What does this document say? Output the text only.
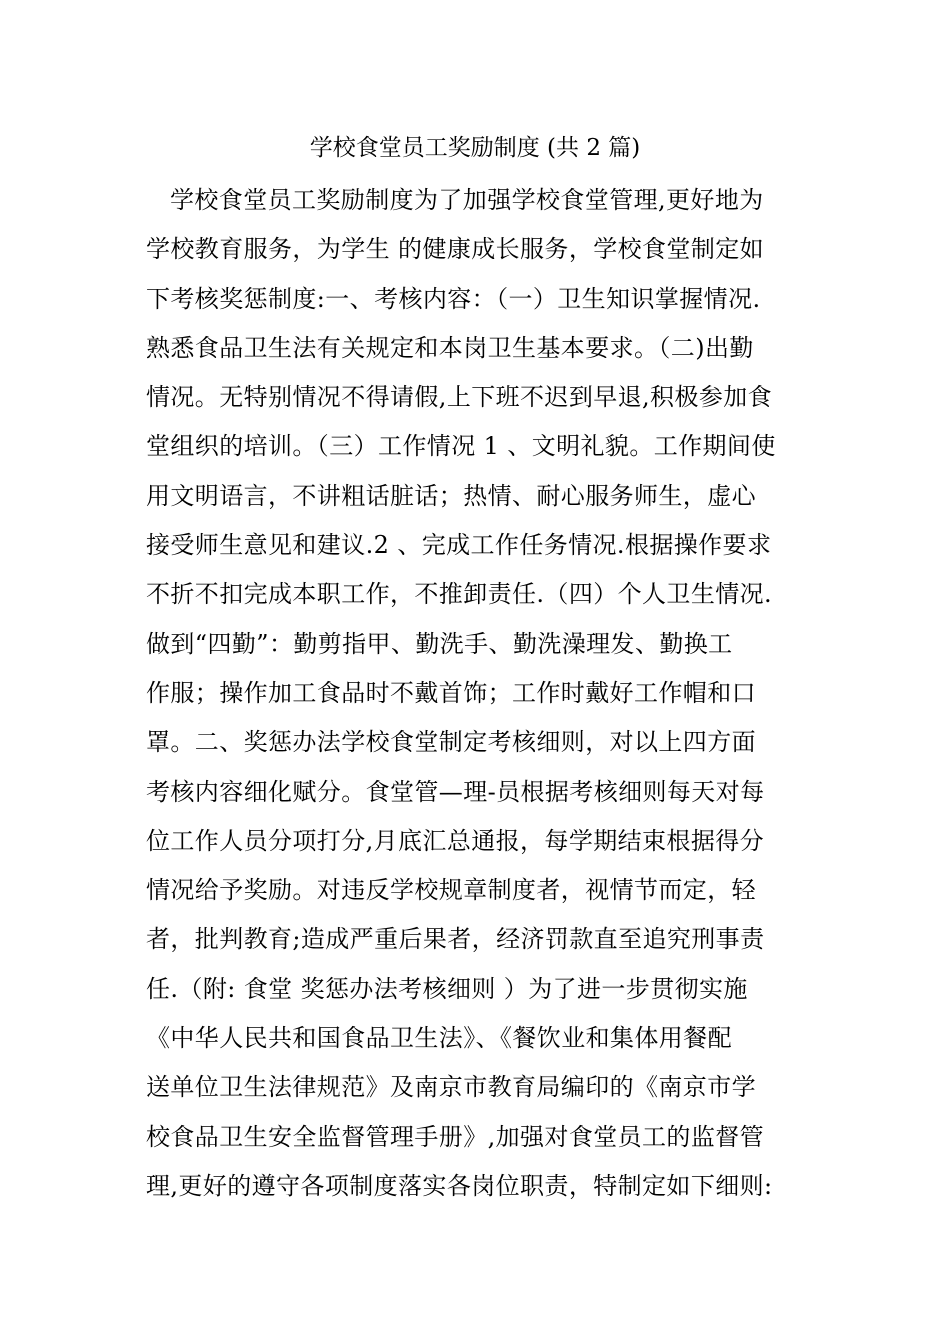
学校食堂员工奖励制度 (共 2 篇)
学校食堂员工奖励制度为了加强学校食堂管理,更好地为
学校教育服务，为学生 的健康成长服务，学校食堂制定如
下考核奖惩制度:一、考核内容：（一）卫生知识掌握情况.
熟悉食品卫生法有关规定和本岗卫生基本要求。（二)出勤
情况。无特别情况不得请假,上下班不迟到早退,积极参加食
堂组织的培训。（三）工作情况 1 、文明礼貌。工作期间使
用文明语言，不讲粗话脏话；热情、耐心服务师生，虚心
接受师生意见和建议.2 、完成工作任务情况.根据操作要求
不折不扣完成本职工作，不推卸责任.（四）个人卫生情况.
做到“四勤”：勤剪指甲、勤洗手、勤洗澡理发、勤换工
作服；操作加工食品时不戴首饰；工作时戴好工作帽和口
罩。二、奖惩办法学校食堂制定考核细则，对以上四方面
考核内容细化赋分。食堂管—理-员根据考核细则每天对每
位工作人员分项打分,月底汇总通报，每学期结束根据得分
情况给予奖励。对违反学校规章制度者，视情节而定，轻
者，批判教育;造成严重后果者，经济罚款直至追究刑事责
任.（附: 食堂 奖惩办法考核细则 ）为了进一步贯彻实施
《中华人民共和国食品卫生法》、《餐饮业和集体用餐配
送单位卫生法律规范》及南京市教育局编印的《南京市学
校食品卫生安全监督管理手册》,加强对食堂员工的监督管
理,更好的遵守各项制度落实各岗位职责，特制定如下细则:
